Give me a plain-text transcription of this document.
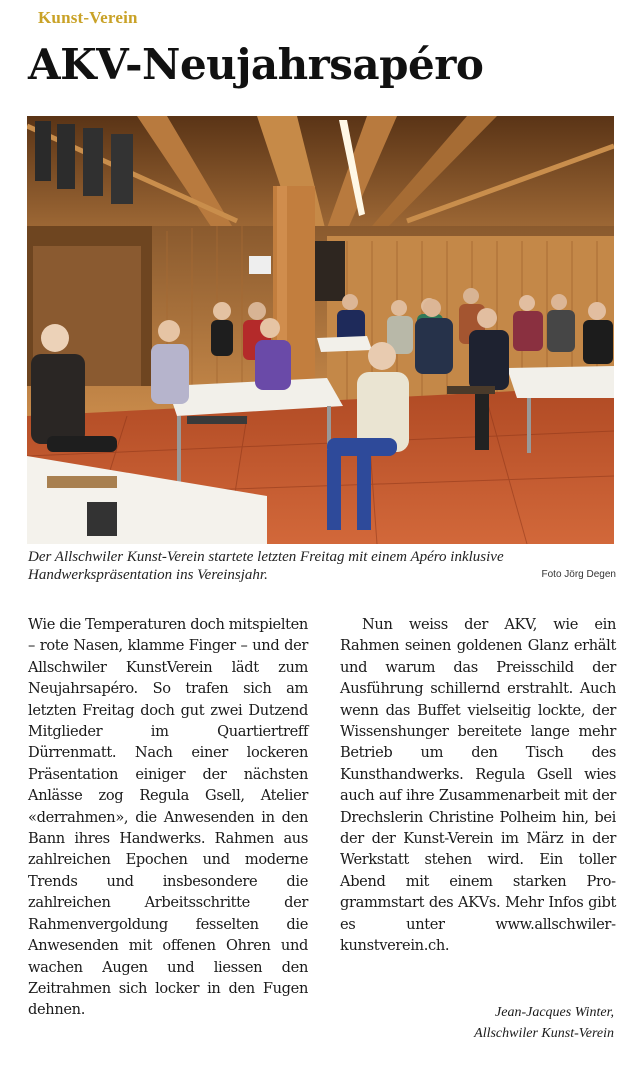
Kunst-Verein
AKV-Neujahrsapéro
Der Allschwiler Kunst-Verein startete letzten Freitag mit einem Apéro inklusive Handwerkspräsentation ins Vereinsjahr.	Foto Jörg Degen
Wie die Temperaturen doch mitspielten – rote Nasen, klamme Finger – und der Allschwiler KunstVerein lädt zum Neujahrsapéro. So trafen sich am letzten Freitag doch gut zwei Dutzend Mitglieder im Quartiertreff Dürrenmatt. Nach einer lockeren Präsentation einiger der nächsten Anlässe zog Regula Gsell, Atelier «derrahmen», die Anwesenden in den Bann ihres Handwerks. Rahmen aus zahlreichen Epochen und moderne Trends und insbesondere die zahlreichen Arbeitsschritte der Rahmenvergoldung fesselten die Anwesenden mit offenen Ohren und wachen Augen und liessen den Zeitrahmen sich locker in den Fugen dehnen.
Nun weiss der AKV, wie ein Rahmen seinen goldenen Glanz erhält und warum das Preisschild der Ausführung schillernd erstrahlt. Auch wenn das Buffet vielseitig lockte, der Wissenshunger bereitete lange mehr Betrieb um den Tisch des Kunsthandwerks. Regula Gsell wies auch auf ihre Zusammenarbeit mit der Drechslerin Christine Polheim hin, bei der der Kunst-Verein im März in der Werkstatt stehen wird. Ein toller Abend mit einem starken Programmstart des AKVs. Mehr Infos gibt es unter www.allschwilerkunstverein.ch.
Jean-Jacques Winter,
Allschwiler Kunst-Verein
